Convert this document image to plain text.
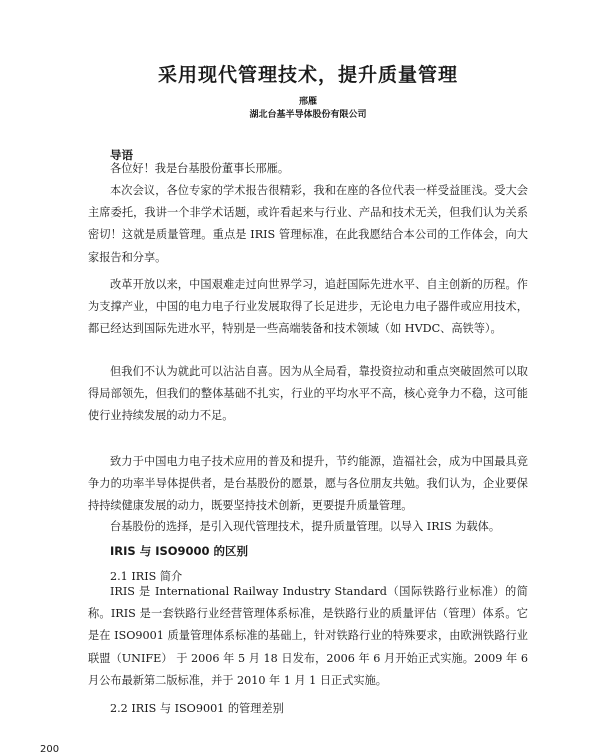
采用现代管理技术，提升质量管理
邢雁
湖北台基半导体股份有限公司
导语

各位好！我是台基股份董事长邢雁。

本次会议，各位专家的学术报告很精彩，我和在座的各位代表一样受益匪浅。受大会主席委托，我讲一个非学术话题，或许看起来与行业、产品和技术无关，但我们认为关系密切！这就是质量管理。重点是 IRIS 管理标准，在此我愿结合本公司的工作体会，向大家报告和分享。

改革开放以来，中国艰难走过向世界学习，追赶国际先进水平、自主创新的历程。作为支撑产业，中国的电力电子行业发展取得了长足进步，无论电力电子器件或应用技术，都已经达到国际先进水平，特别是一些高端装备和技术领域（如 HVDC、高铁等）。

但我们不认为就此可以沾沾自喜。因为从全局看，靠投资拉动和重点突破固然可以取得局部领先，但我们的整体基础不扎实，行业的平均水平不高，核心竞争力不稳，这可能使行业持续发展的动力不足。

致力于中国电力电子技术应用的普及和提升，节约能源，造福社会，成为中国最具竞争力的功率半导体提供者，是台基股份的愿景，愿与各位朋友共勉。我们认为，企业要保持持续健康发展的动力，既要坚持技术创新，更要提升质量管理。

台基股份的选择，是引入现代管理技术，提升质量管理。以导入 IRIS 为载体。

IRIS 与 ISO9000 的区别
2.1 IRIS 简介

IRIS 是 International Railway Industry Standard（国际铁路行业标准）的简称。IRIS 是一套铁路行业经营管理体系标准，是铁路行业的质量评估（管理）体系。它是在 ISO9001 质量管理体系标准的基础上，针对铁路行业的特殊要求，由欧洲铁路行业联盟（UNIFE） 于 2006 年 5 月 18 日发布，2006 年 6 月开始正式实施。2009 年 6 月公布最新第二版标准，并于 2010 年 1 月 1 日正式实施。

2.2 IRIS 与 ISO9001 的管理差别
200
